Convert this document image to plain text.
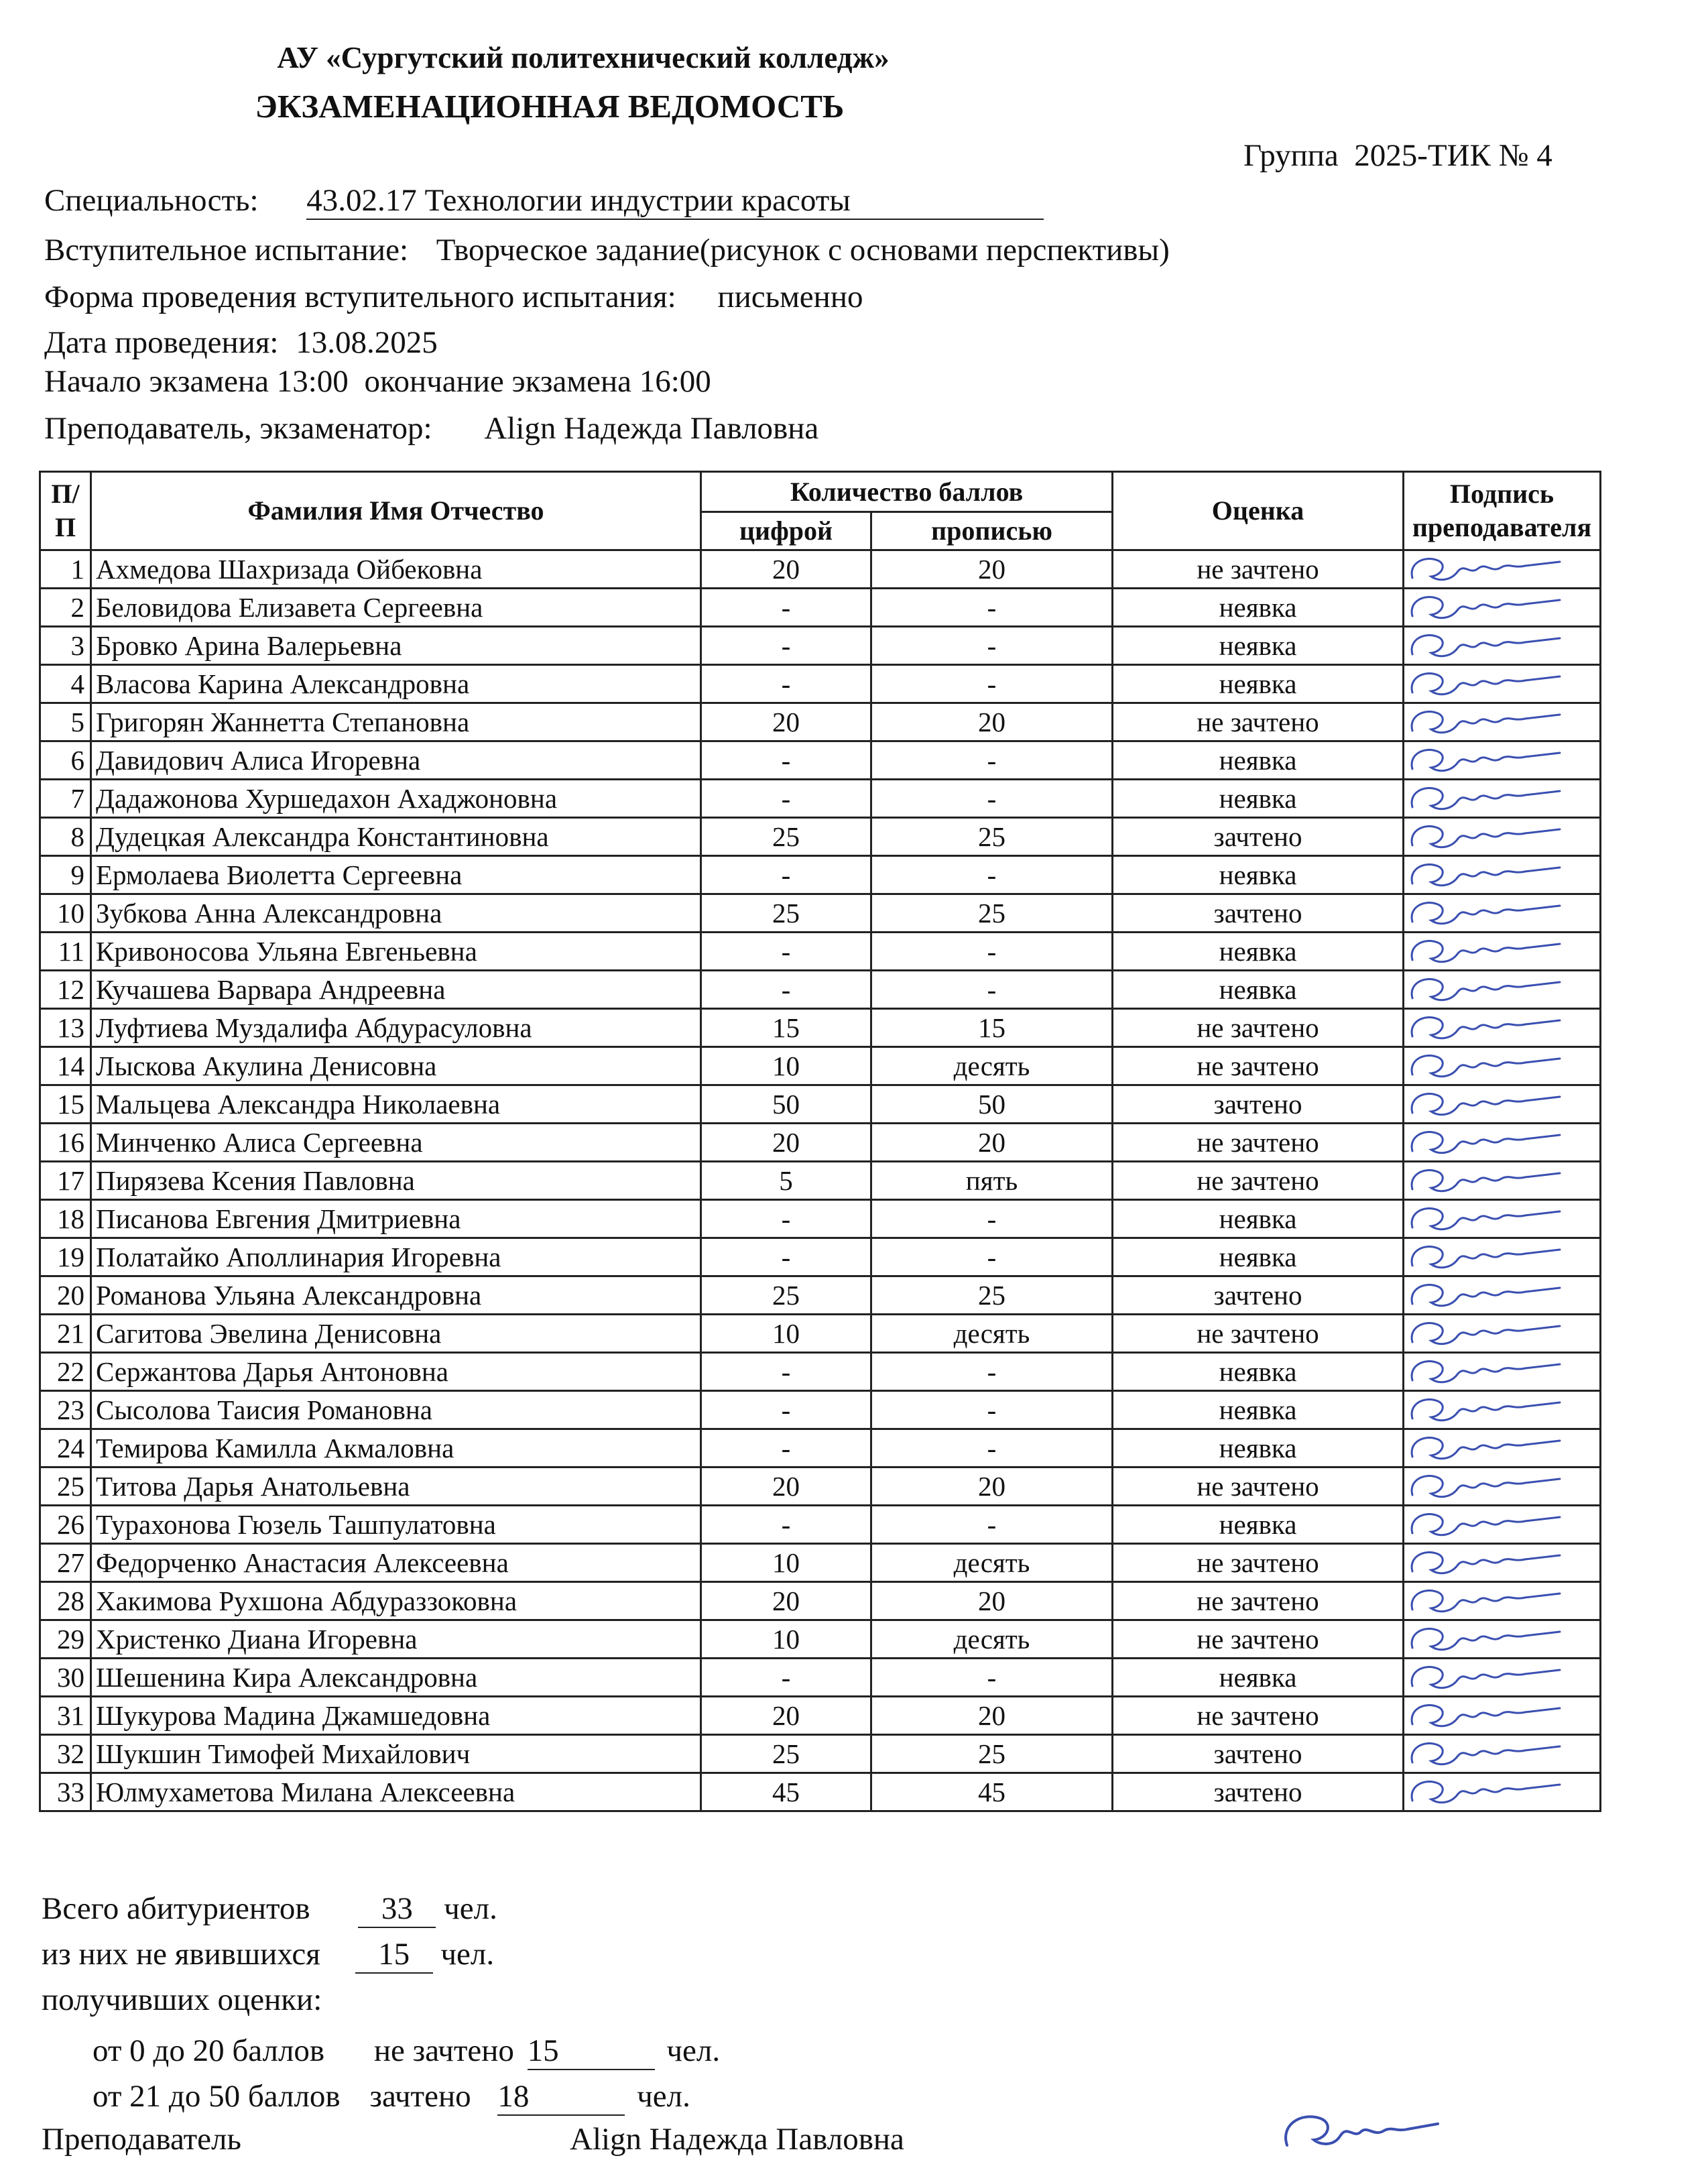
АУ «Сургутский политехнический колледж»
ЭКЗАМЕНАЦИОННАЯ ВЕДОМОСТЬ
Группа 2025-ТИК № 4
Специальность: 43.02.17 Технологии индустрии красоты
Вступительное испытание: Творческое задание(рисунок с основами перспективы)
Форма проведения вступительного испытания: письменно
Дата проведения: 13.08.2025
Начало экзамена 13:00 окончание экзамена 16:00
Преподаватель, экзаменатор: Align Надежда Павловна
П/П	Фамилия Имя Отчество	Количество баллов		Оценка	Подпись преподавателя
		цифрой	прописью		
1	Ахмедова Шахризада Ойбековна	20	20	не зачтено	

2	Беловидова Елизавета Сергеевна	-	-	неявка	

3	Бровко Арина Валерьевна	-	-	неявка	

4	Власова Карина Александровна	-	-	неявка	

5	Григорян Жаннетта Степановна	20	20	не зачтено	

6	Давидович Алиса Игоревна	-	-	неявка	

7	Дадажонова Хуршедахон Ахаджоновна	-	-	неявка	

8	Дудецкая Александра Константиновна	25	25	зачтено	

9	Ермолаева Виолетта Сергеевна	-	-	неявка	

10	Зубкова Анна Александровна	25	25	зачтено	

11	Кривоносова Ульяна Евгеньевна	-	-	неявка	

12	Кучашева Варвара Андреевна	-	-	неявка	

13	Луфтиева Муздалифа Абдурасуловна	15	15	не зачтено	

14	Лыскова Акулина Денисовна	10	десять	не зачтено	

15	Мальцева Александра Николаевна	50	50	зачтено	

16	Минченко Алиса Сергеевна	20	20	не зачтено	

17	Пирязева Ксения Павловна	5	пять	не зачтено	

18	Писанова Евгения Дмитриевна	-	-	неявка	

19	Полатайко Аполлинария Игоревна	-	-	неявка	

20	Романова Ульяна Александровна	25	25	зачтено	

21	Сагитова Эвелина Денисовна	10	десять	не зачтено	

22	Сержантова Дарья Антоновна	-	-	неявка	

23	Сысолова Таисия Романовна	-	-	неявка	

24	Темирова Камилла Акмаловна	-	-	неявка	

25	Титова Дарья Анатольевна	20	20	не зачтено	

26	Турахонова Гюзель Ташпулатовна	-	-	неявка	

27	Федорченко Анастасия Алексеевна	10	десять	не зачтено	

28	Хакимова Рухшона Абдураззоковна	20	20	не зачтено	

29	Христенко Диана Игоревна	10	десять	не зачтено	

30	Шешенина Кира Александровна	-	-	неявка	

31	Шукурова Мадина Джамшедовна	20	20	не зачтено	

32	Шукшин Тимофей Михайлович	25	25	зачтено	

33	Юлмухаметова Милана Алексеевна	45	45	зачтено	
Всего абитуриентов 33 чел.
из них не явившихся 15 чел.
получивших оценки:
от 0 до 20 баллов не зачтено 15	чел.
от 21 до 50 баллов зачтено 18	чел.
Преподаватель	Align Надежда Павловна
